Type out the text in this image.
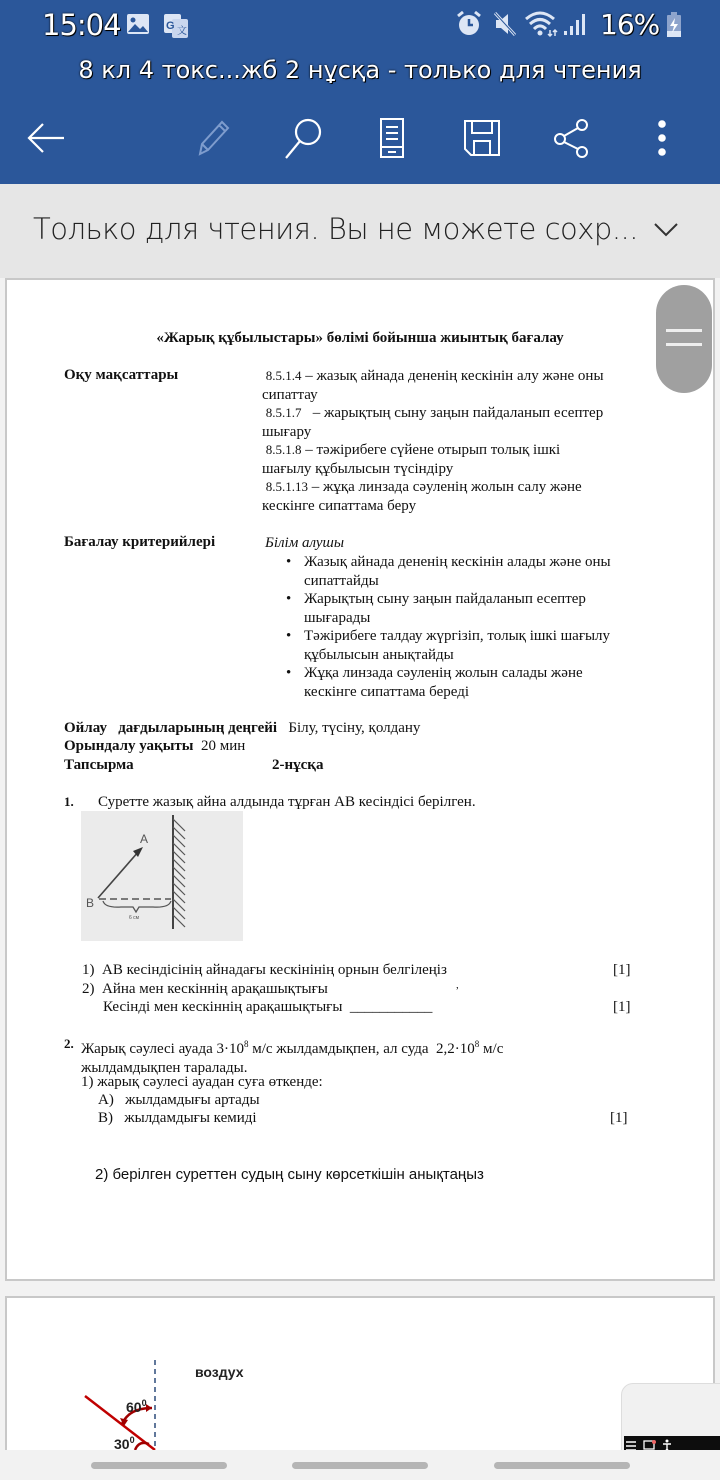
15:04	G 文	16%
8 кл 4 токс...жб 2 нұсқа - только для чтения
Только для чтения. Вы не можете сохр...
«Жарық құбылыстары» бөлімі бойынша жиынтық бағалау
Оқу мақсаттары	8.5.1.4 – жазық айнада дененің кескінін алу және оны
сипаттау
8.5.1.7   – жарықтың сыну заңын пайдаланып есептер
шығару
8.5.1.8 – тәжірибеге сүйене отырып толық ішкі
шағылу құбылысын түсіндіру
8.5.1.13 – жұқа линзада сәуленің жолын салу және
кескінге сипаттама беру
Бағалау критерийлері	Білім алушы
• Жазық айнада дененің кескінін алады және оны
сипаттайды
• Жарықтың сыну заңын пайдаланып есептер
шығарады
• Тәжірибеге талдау жүргізіп, толық ішкі шағылу
құбылысын анықтайды
• Жұқа линзада сәуленің жолын салады және
кескінге сипаттама береді
Ойлау   дағдыларының деңгейі Білу, түсіну, қолдану
Орындалу уақыты 20 мин
Тапсырма	2-нұсқа
1. Суретте жазық айна алдында тұрған АВ кесіндісі берілген.
A
B
6 см
1) АВ кесіндісінің айнадағы кескінінің орнын белгілеңіз	[1]
2) Айна мен кескіннің арақашықтығы	,
Кесінді мен кескіннің арақашықтығы ___________	[1]
2. Жарық сәулесі ауада $3\cdot 10^8$ м/с жылдамдықпен, ал суда  $2,2\cdot 10^8$ м/с
жылдамдықпен таралады.
1) жарық сәулесі ауадан суға өткенде:
А)   жылдамдығы артады
В)   жылдамдығы кемиді	[1]
2) берілген суреттен судың сыну көрсеткішін анықтаңыз
$60^0$
$30^0$
воздух
